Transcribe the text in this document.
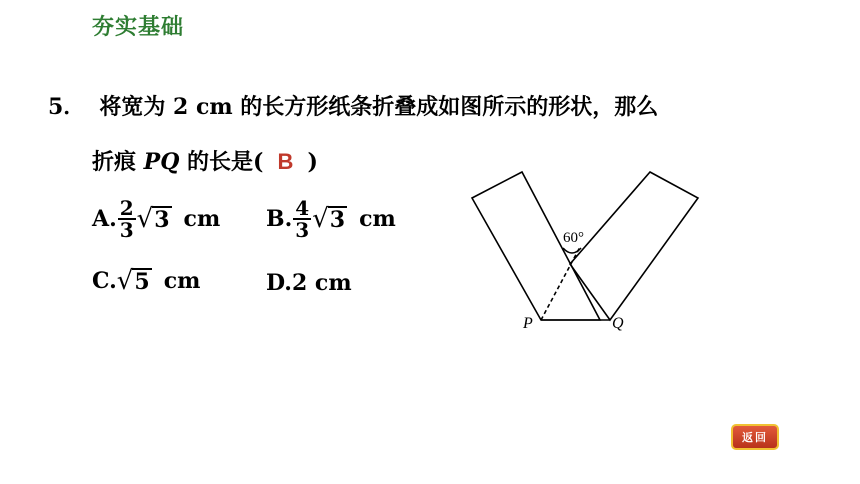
夯实基础
5． 将宽为 2 cm 的长方形纸条折叠成如图所示的形状，那么
折痕 PQ 的长是( B )
A. $\frac{2}{3}$ √ 3 cm B. $\frac{4}{3}$ √ 3 cm
C. √ 5 cm	D. 2 cm
60°
P	Q
返回
